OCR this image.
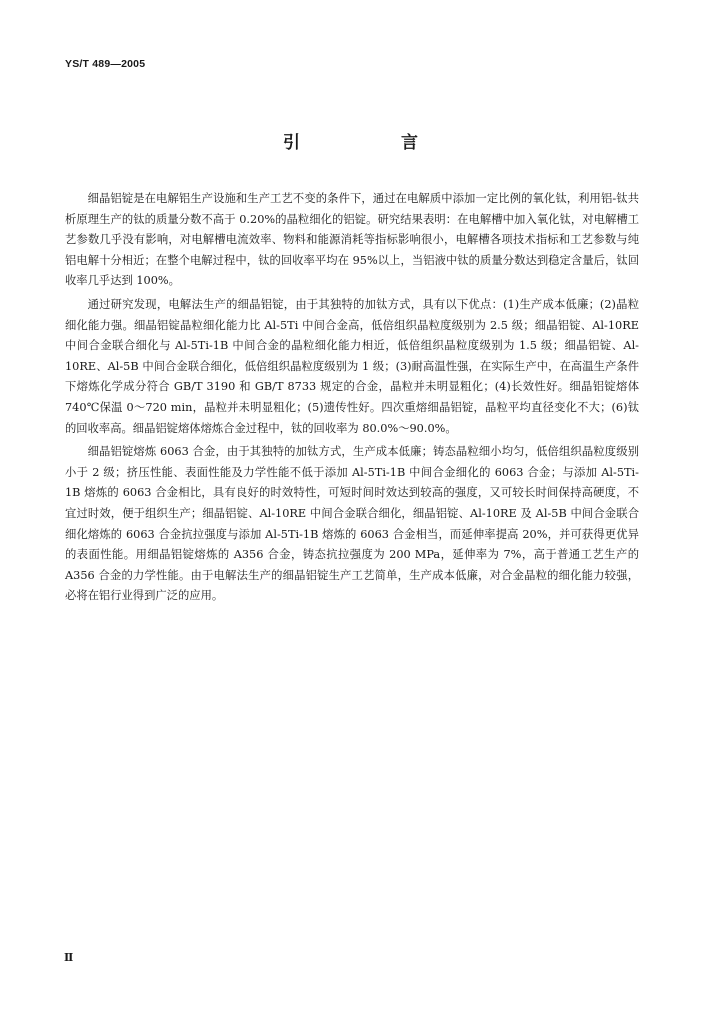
YS/T 489—2005
引　言

细晶铝锭是在电解铝生产设施和生产工艺不变的条件下，通过在电解质中添加一定比例的氧化钛，利用铝-钛共析原理生产的钛的质量分数不高于 0.20%的晶粒细化的铝锭。研究结果表明：在电解槽中加入氧化钛，对电解槽工艺参数几乎没有影响，对电解槽电流效率、物料和能源消耗等指标影响很小，电解槽各项技术指标和工艺参数与纯铝电解十分相近；在整个电解过程中，钛的回收率平均在 95%以上，当铝液中钛的质量分数达到稳定含量后，钛回收率几乎达到 100%。

通过研究发现，电解法生产的细晶铝锭，由于其独特的加钛方式，具有以下优点：(1)生产成本低廉；(2)晶粒细化能力强。细晶铝锭晶粒细化能力比 Al-5Ti 中间合金高，低倍组织晶粒度级别为 2.5 级；细晶铝锭、Al-10RE 中间合金联合细化与 Al-5Ti-1B 中间合金的晶粒细化能力相近，低倍组织晶粒度级别为 1.5 级；细晶铝锭、Al-10RE、Al-5B 中间合金联合细化，低倍组织晶粒度级别为 1 级；(3)耐高温性强，在实际生产中，在高温生产条件下熔炼化学成分符合 GB/T 3190 和 GB/T 8733 规定的合金，晶粒并未明显粗化；(4)长效性好。细晶铝锭熔体 740℃保温 0～720 min，晶粒并未明显粗化；(5)遗传性好。四次重熔细晶铝锭，晶粒平均直径变化不大；(6)钛的回收率高。细晶铝锭熔体熔炼合金过程中，钛的回收率为 80.0%～90.0%。

细晶铝锭熔炼 6063 合金，由于其独特的加钛方式，生产成本低廉；铸态晶粒细小均匀，低倍组织晶粒度级别小于 2 级；挤压性能、表面性能及力学性能不低于添加 Al-5Ti-1B 中间合金细化的 6063 合金；与添加 Al-5Ti-1B 熔炼的 6063 合金相比，具有良好的时效特性，可短时间时效达到较高的强度，又可较长时间保持高硬度，不宜过时效，便于组织生产；细晶铝锭、Al-10RE 中间合金联合细化，细晶铝锭、Al-10RE 及 Al-5B 中间合金联合细化熔炼的 6063 合金抗拉强度与添加 Al-5Ti-1B 熔炼的 6063 合金相当，而延伸率提高 20%，并可获得更优异的表面性能。用细晶铝锭熔炼的 A356 合金，铸态抗拉强度为 200 MPa，延伸率为 7%，高于普通工艺生产的 A356 合金的力学性能。由于电解法生产的细晶铝锭生产工艺简单，生产成本低廉，对合金晶粒的细化能力较强，必将在铝行业得到广泛的应用。

Ⅱ
